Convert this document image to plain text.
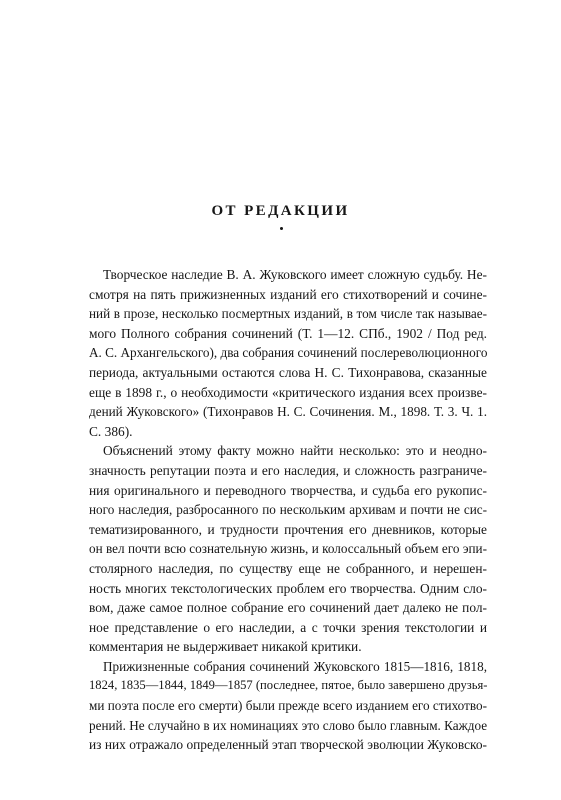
ОТ РЕДАКЦИИ
Творческое наследие В. А. Жуковского имеет сложную судьбу. Не-
смотря на пять прижизненных изданий его стихотворений и сочине-
ний в прозе, несколько посмертных изданий, в том числе так называе-
мого Полного собрания сочинений (Т. 1—12. СПб., 1902 / Под ред.
А. С. Архангельского), два собрания сочинений послереволюционного
периода, актуальными остаются слова Н. С. Тихонравова, сказанные
еще в 1898 г., о необходимости «критического издания всех произве-
дений Жуковского» (Тихонравов Н. С. Сочинения. М., 1898. Т. 3. Ч. 1.
С. 386).
Объяснений этому факту можно найти несколько: это и неодно-
значность репутации поэта и его наследия, и сложность разграниче-
ния оригинального и переводного творчества, и судьба его рукопис-
ного наследия, разбросанного по нескольким архивам и почти не сис-
тематизированного, и трудности прочтения его дневников, которые
он вел почти всю сознательную жизнь, и колоссальный объем его эпи-
столярного наследия, по существу еще не собранного, и нерешен-
ность многих текстологических проблем его творчества. Одним сло-
вом, даже самое полное собрание его сочинений дает далеко не пол-
ное представление о его наследии, а с точки зрения текстологии и
комментария не выдерживает никакой критики.
Прижизненные собрания сочинений Жуковского 1815—1816, 1818,
1824, 1835—1844, 1849—1857 (последнее, пятое, было завершено друзья-
ми поэта после его смерти) были прежде всего изданием его стихотво-
рений. Не случайно в их номинациях это слово было главным. Каждое
из них отражало определенный этап творческой эволюции Жуковско-
